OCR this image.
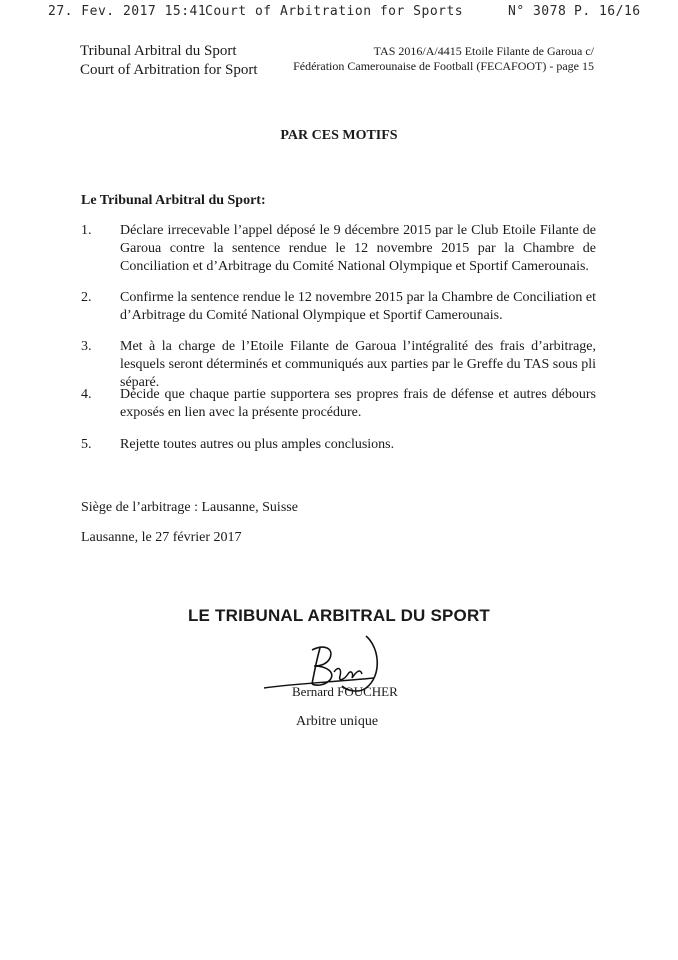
27. Fev. 2017 15:41
Court of Arbitration for Sports	N° 3078 P. 16/16
Tribunal Arbitral du Sport
Court of Arbitration for Sport
TAS 2016/A/4415 Etoile Filante de Garoua c/
Fédération Camerounaise de Football (FECAFOOT) - page 15
PAR CES MOTIFS
Le Tribunal Arbitral du Sport:
1. Déclare irrecevable l’appel déposé le 9 décembre 2015 par le Club Etoile Filante de Garoua contre la sentence rendue le 12 novembre 2015 par la Chambre de Conciliation et d’Arbitrage du Comité National Olympique et Sportif Camerounais.
2. Confirme la sentence rendue le 12 novembre 2015 par la Chambre de Conciliation et d’Arbitrage du Comité National Olympique et Sportif Camerounais.
3. Met à la charge de l’Etoile Filante de Garoua l’intégralité des frais d’arbitrage, lesquels seront déterminés et communiqués aux parties par le Greffe du TAS sous pli séparé.
4. Décide que chaque partie supportera ses propres frais de défense et autres débours exposés en lien avec la présente procédure.
5. Rejette toutes autres ou plus amples conclusions.
Siège de l’arbitrage : Lausanne, Suisse
Lausanne, le 27 février 2017
LE TRIBUNAL ARBITRAL DU SPORT
Bernard FOUCHER
Arbitre unique
